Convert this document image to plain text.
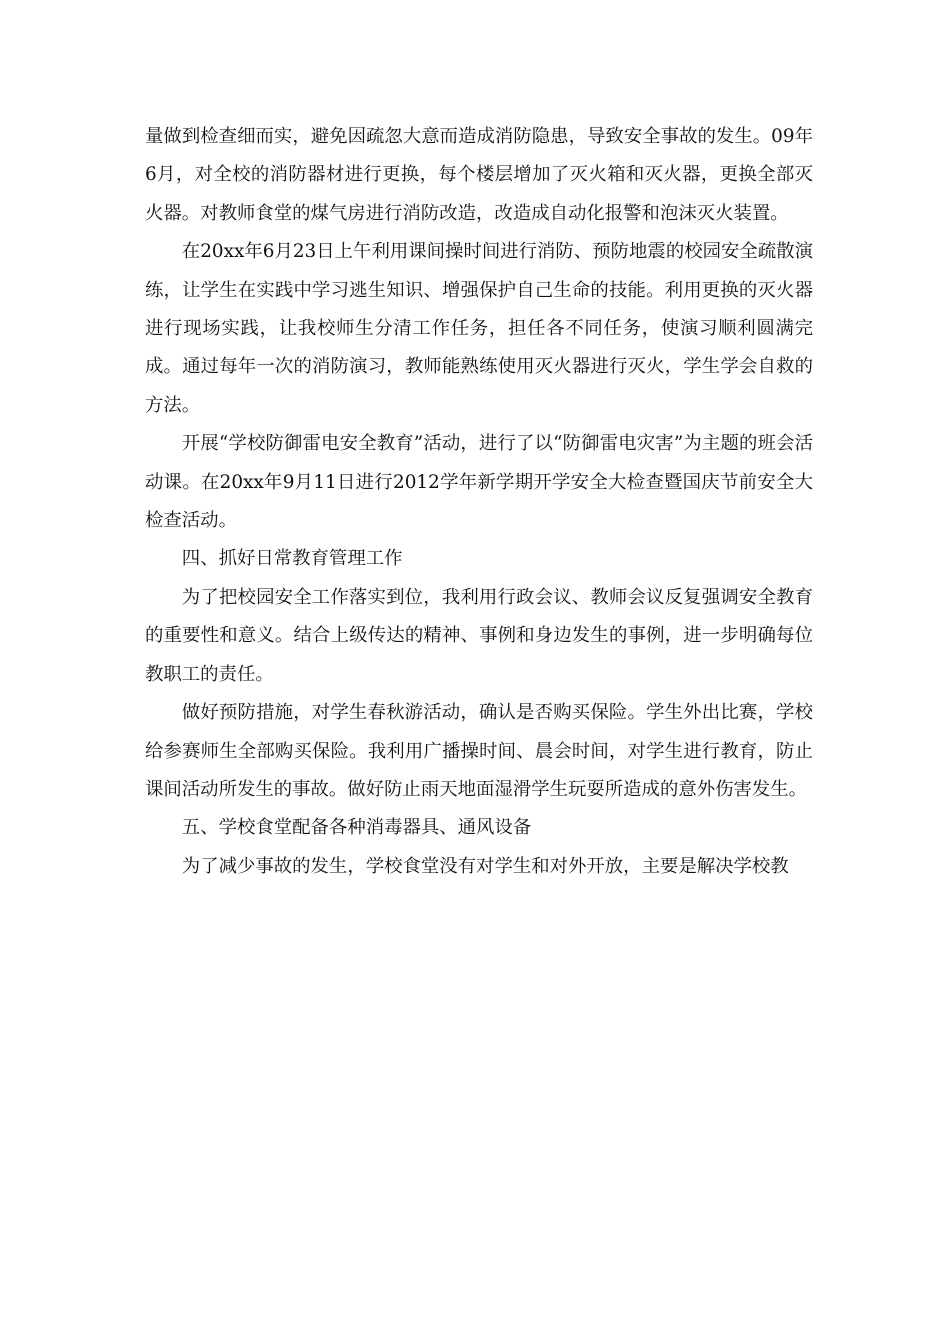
量做到检查细而实，避免因疏忽大意而造成消防隐患，导致安全事故的发生。09年6月，对全校的消防器材进行更换，每个楼层增加了灭火箱和灭火器，更换全部灭火器。对教师食堂的煤气房进行消防改造，改造成自动化报警和泡沫灭火装置。

在20xx年6月23日上午利用课间操时间进行消防、预防地震的校园安全疏散演练，让学生在实践中学习逃生知识、增强保护自己生命的技能。利用更换的灭火器进行现场实践，让我校师生分清工作任务，担任各不同任务，使演习顺利圆满完成。通过每年一次的消防演习，教师能熟练使用灭火器进行灭火，学生学会自救的方法。

开展“学校防御雷电安全教育”活动，进行了以“防御雷电灾害”为主题的班会活动课。在20xx年9月11日进行2012学年新学期开学安全大检查暨国庆节前安全大检查活动。

四、抓好日常教育管理工作

为了把校园安全工作落实到位，我利用行政会议、教师会议反复强调安全教育的重要性和意义。结合上级传达的精神、事例和身边发生的事例，进一步明确每位教职工的责任。

做好预防措施，对学生春秋游活动，确认是否购买保险。学生外出比赛，学校给参赛师生全部购买保险。我利用广播操时间、晨会时间，对学生进行教育，防止课间活动所发生的事故。做好防止雨天地面湿滑学生玩耍所造成的意外伤害发生。

五、学校食堂配备各种消毒器具、通风设备

为了减少事故的发生，学校食堂没有对学生和对外开放，主要是解决学校教
